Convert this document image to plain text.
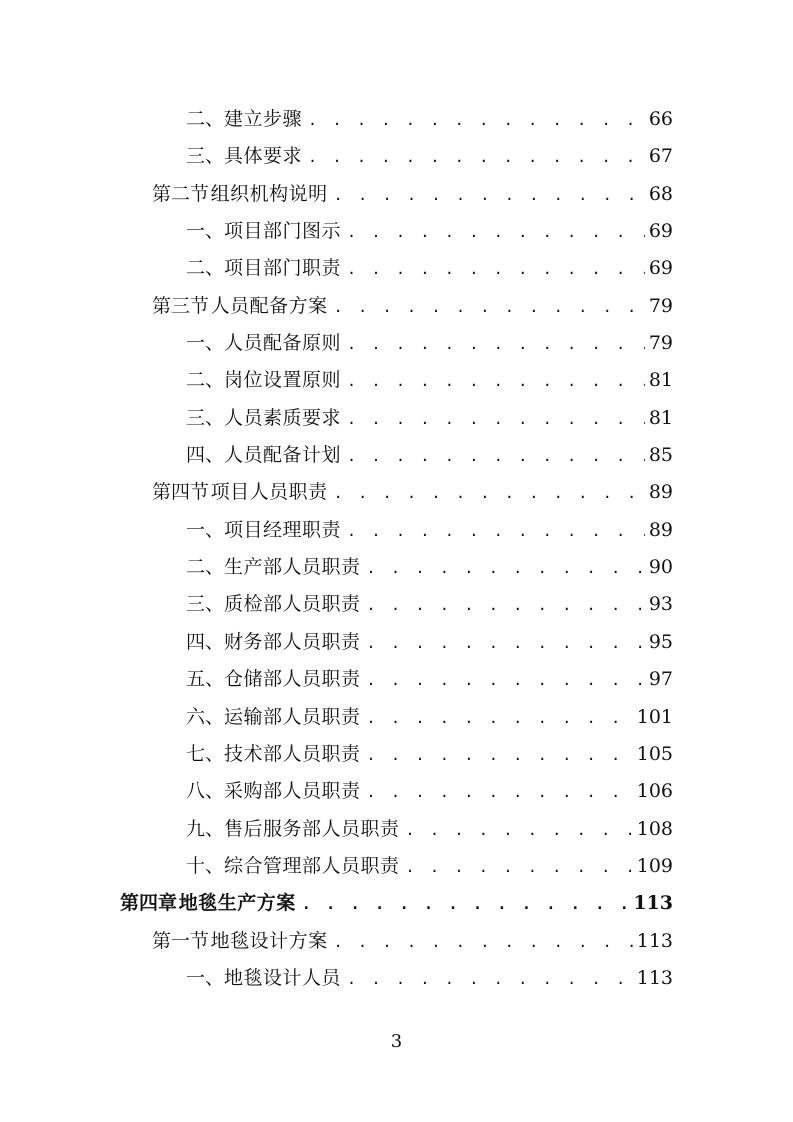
二、 建立步骤 . . .	66
三、 具体要求 . . .	67
第二节 组织机构说明 . . .	68
一、 项目部门图示 . . .	69
二、 项目部门职责 . . .	69
第三节 人员配备方案 . . .	79
一、 人员配备原则 . . .	79
二、 岗位设置原则 . . .	81
三、 人员素质要求 . . .	81
四、 人员配备计划 . . .	85
第四节 项目人员职责 . . .	89
一、 项目经理职责 . . .	89
二、 生产部人员职责 . . .	90
三、 质检部人员职责 . . .	93
四、 财务部人员职责 . . .	95
五、 仓储部人员职责 . . .	97
六、 运输部人员职责 . . .	101
七、 技术部人员职责 . . .	105
八、 采购部人员职责 . . .	106
九、 售后服务部人员职责 . . .	108
十、 综合管理部人员职责 . . .	109
第四章 地毯生产方案 . . .	113
第一节 地毯设计方案 . . .	113
一、 地毯设计人员 . . .	113
3
